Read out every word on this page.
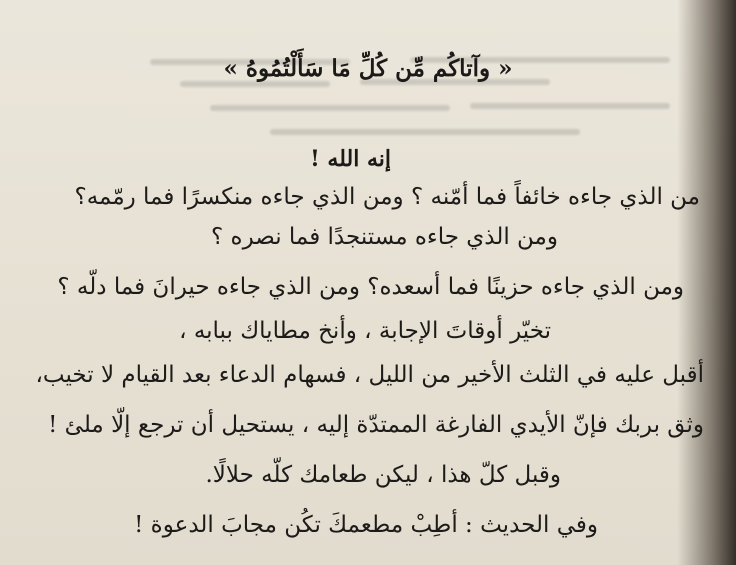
« وآتاكُم مِّن كُلِّ مَا سَأَلْتُمُوهُ »
إنه الله !
من الذي جاءه خائفاً فما أمّنه ؟ ومن الذي جاءه منكسرًا فما رمّمه؟
ومن الذي جاءه مستنجدًا فما نصره ؟
ومن الذي جاءه حزينًا فما أسعده؟ ومن الذي جاءه حيرانَ فما دلّه ؟
تخيّر أوقاتَ الإجابة ، وأنخ مطاياك ببابه ،
أقبل عليه في الثلث الأخير من الليل ، فسهام الدعاء بعد القيام لا تخيب،
وثق بربك فإنّ الأيدي الفارغة الممتدّة إليه ، يستحيل أن ترجع إلّا ملئ !
وقبل كلّ هذا ، ليكن طعامك كلّه حلالًا.
وفي الحديث : أطِبْ مطعمكَ تكُن مجابَ الدعوة !
